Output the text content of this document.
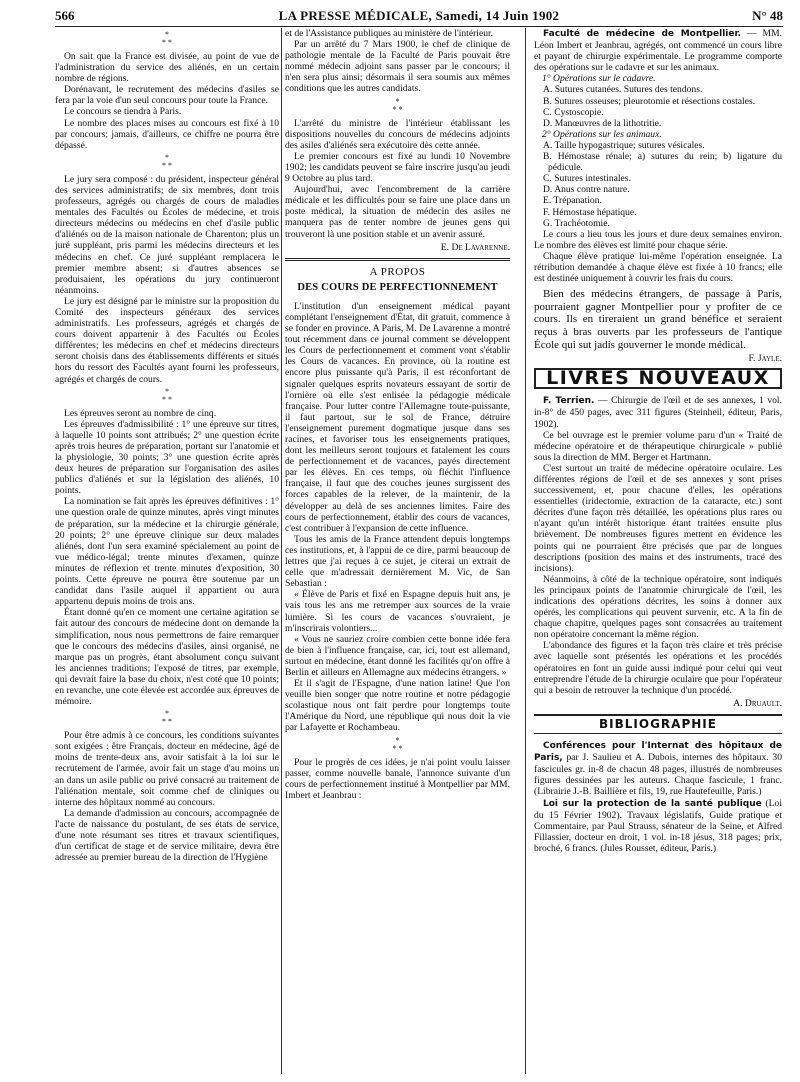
566	LA PRESSE MÉDICALE, Samedi, 14 Juin 1902	N° 48
*
* *

On sait que la France est divisée, au point de vue de l'administration du service des aliénés, en un certain nombre de régions.

Dorénavant, le recrutement des médecins d'asiles se fera par la voie d'un seul concours pour toute la France.

Le concours se tiendra à Paris.

Le nombre des places mises au concours est fixé à 10 par concours; jamais, d'ailleurs, ce chiffre ne pourra être dépassé.

*
* *

Le jury sera composé : du président, inspecteur général des services administratifs; de six membres, dont trois professeurs, agrégés ou chargés de cours de maladies mentales des Facultés ou Écoles de médecine, et trois directeurs médecins ou médecins en chef d'asile public d'aliénés ou de la maison nationale de Charenton; plus un juré suppléant, pris parmi les médecins directeurs et les médecins en chef. Ce juré suppléant remplacera le premier membre absent; si d'autres absences se produisaient, les opérations du jury continueront néanmoins.

Le jury est désigné par le ministre sur la proposition du Comité des inspecteurs généraux des services administratifs. Les professeurs, agrégés et chargés de cours doivent appartenir à des Facultés ou Écoles différentes; les médecins en chef et médecins directeurs seront choisis dans des établissements différents et situés hors du ressort des Facultés ayant fourni les professeurs, agrégés et chargés de cours.

*
* *

Les épreuves seront au nombre de cinq.

Les épreuves d'admissibilité : 1° une épreuve sur titres, à laquelle 10 points sont attribués; 2° une question écrite après trois heures de préparation, portant sur l'anatomie et la physiologie, 30 points; 3° une question écrite après deux heures de préparation sur l'organisation des asiles publics d'aliénés et sur la législation des aliénés, 10 points.

La nomination se fait après les épreuves définitives : 1° une question orale de quinze minutes, après vingt minutes de préparation, sur la médecine et la chirurgie générale, 20 points; 2° une épreuve clinique sur deux malades aliénés, dont l'un sera examiné spécialement au point de vue médico-légal; trente minutes d'examen, quinze minutes de réflexion et trente minutes d'exposition, 30 points. Cette épreuve ne pourra être soutenue par un candidat dans l'asile auquel il appartient ou aura appartenu depuis moins de trois ans.

Étant donné qu'en ce moment une certaine agitation se fait autour des concours de médecine dont on demande la simplification, nous nous permettrons de faire remarquer que le concours des médecins d'asiles, ainsi organisé, ne marque pas un progrès, étant absolument conçu suivant les anciennes traditions; l'exposé de titres, par exemple, qui devrait faire la base du choix, n'est coté que 10 points; en revanche, une cote élevée est accordée aux épreuves de mémoire.

*
* *

Pour être admis à ce concours, les conditions suivantes sont exigées : être Français, docteur en médecine, âgé de moins de trente-deux ans, avoir satisfait à la loi sur le recrutement de l'armée, avoir fait un stage d'au moins un an dans un asile public ou privé consacré au traitement de l'aliénation mentale, soit comme chef de cliniques ou interne des hôpitaux nommé au concours.

La demande d'admission au concours, accompagnée de l'acte de naissance du postulant, de ses états de service, d'une note résumant ses titres et travaux scientifiques, d'un certificat de stage et de service militaire, devra être adressée au premier bureau de la direction de l'Hygiène

et de l'Assistance publiques au ministère de l'intérieur.

Par un arrêté du 7 Mars 1900, le chef de clinique de pathologie mentale de la Faculté de Paris pouvait être nommé médecin adjoint sans passer par le concours; il n'en sera plus ainsi; désormais il sera soumis aux mêmes conditions que les autres candidats.

*
* *

L'arrêté du ministre de l'intérieur établissant les dispositions nouvelles du concours de médecins adjoints des asiles d'aliénés sera exécutoire dès cette année.

Le premier concours est fixé au lundi 10 Novembre 1902; les candidats peuvent se faire inscrire jusqu'au jeudi 9 Octobre au plus tard.

Aujourd'hui, avec l'encombrement de la carrière médicale et les difficultés pour se faire une place dans un poste médical, la situation de médecin des asiles ne manquera pas de tenter nombre de jeunes gens qui trouveront là une position stable et un avenir assuré.

E. De Lavarenne.
A PROPOS
DES COURS DE PERFECTIONNEMENT

L'institution d'un enseignement médical payant complétant l'enseignement d'État, dit gratuit, commence à se fonder en province. A Paris, M. De Lavarenne a montré tout récemment dans ce journal comment se développent les Cours de perfectionnement et comment vont s'établir les Cours de vacances. En province, où la routine est encore plus puissante qu'à Paris, il est réconfortant de signaler quelques esprits novateurs essayant de sortir de l'ornière où elle s'est enlisée la pédagogie médicale française. Pour lutter contre l'Allemagne toute-puissante, il faut partout, sur le sol de France, détruire l'enseignement purement dogmatique jusque dans ses racines, et favoriser tous les enseignements pratiques, dont les meilleurs seront toujours et fatalement les cours de perfectionnement et de vacances, payés directement par les élèves. En ces temps, où fléchit l'influence française, il faut que des couches jeunes surgissent des forces capables de la relever, de la maintenir, de la développer au delà de ses anciennes limites. Faire des cours de perfectionnement, établir des cours de vacances, c'est contribuer à l'expansion de cette influence.

Tous les amis de la France attendent depuis longtemps ces institutions, et, à l'appui de ce dire, parmi beaucoup de lettres que j'ai reçues à ce sujet, je citerai un extrait de celle que m'adressait dernièrement M. Vic, de San Sebastian :

« Élève de Paris et fixé en Espagne depuis huit ans, je vais tous les ans me retremper aux sources de la vraie lumière. Si les cours de vacances s'ouvraient, je m'inscrirais volontiers...

« Vous ne sauriez croire combien cette bonne idée fera de bien à l'influence française, car, ici, tout est allemand, surtout en médecine, étant donné les facilités qu'on offre à Berlin et ailleurs en Allemagne aux médecins étrangers. »

Et il s'agit de l'Espagne, d'une nation latine! Que l'on veuille bien songer que notre routine et notre pédagogie scolastique nous ont fait perdre pour longtemps toute l'Amérique du Nord, une république qui nous doit la vie par Lafayette et Rochambeau.

*
* *

Pour le progrès de ces idées, je n'ai point voulu laisser passer, comme nouvelle banale, l'annonce suivante d'un cours de perfectionnement institué à Montpellier par MM. Imbert et Jeanbrau :

Faculté de médecine de Montpellier. — MM. Léon Imbert et Jeanbrau, agrégés, ont commencé un cours libre et payant de chirurgie expérimentale. Le programme comporte des opérations sur le cadavre et sur les animaux.

1° Opérations sur le cadavre.

A. Sutures cutanées. Sutures des tendons.

B. Sutures osseuses; pleurotomie et résections costales.

C. Cystoscopie.

D. Manœuvres de la lithotritie.

2° Opérations sur les animaux.

A. Taille hypogastrique; sutures vésicales.

B. Hémostase rénale; a) sutures du rein; b) ligature du pédicule.

C. Sutures intestinales.

D. Anus contre nature.

E. Trépanation.

F. Hémostase hépatique.

G. Trachéotomie.

Le cours a lieu tous les jours et dure deux semaines environ. Le nombre des élèves est limité pour chaque série.

Chaque élève pratique lui-même l'opération enseignée. La rétribution demandée à chaque élève est fixée à 10 francs; elle est destinée uniquement à couvrir les frais du cours.

Bien des médecins étrangers, de passage à Paris, pourraient gagner Montpellier pour y profiter de ce cours. Ils en tireraient un grand bénéfice et seraient reçus à bras ouverts par les professeurs de l'antique École qui sut jadis gouverner le monde médical.

F. Jayle.
LIVRES NOUVEAUX

F. Terrien. — Chirurgie de l'œil et de ses annexes, 1 vol. in-8° de 450 pages, avec 311 figures (Steinheil, éditeur, Paris, 1902).

Ce bel ouvrage est le premier volume paru d'un « Traité de médecine opératoire et de thérapeutique chirurgicale » publié sous la direction de MM. Berger et Hartmann.

C'est surtout un traité de médecine opératoire oculaire. Les différentes régions de l'œil et de ses annexes y sont prises successivement, et, pour chacune d'elles, les opérations essentielles (iridectomie, extraction de la cataracte, etc.) sont décrites d'une façon très détaillée, les opérations plus rares ou n'ayant qu'un intérêt historique étant traitées ensuite plus brièvement. De nombreuses figures mettent en évidence les points qui ne pourraient être précisés que par de longues descriptions (position des mains et des instruments, tracé des incisions).

Néanmoins, à côté de la technique opératoire, sont indiqués les principaux points de l'anatomie chirurgicale de l'œil, les indications des opérations décrites, les soins à donner aux opérés, les complications qui peuvent survenir, etc. A la fin de chaque chapitre, quelques pages sont consacrées au traitement non opératoire concernant la même région.

L'abondance des figures et la façon très claire et très précise avec laquelle sont présentés les opérations et les procédés opératoires en font un guide aussi indiqué pour celui qui veut entreprendre l'étude de la chirurgie oculaire que pour l'opérateur qui a besoin de retrouver la technique d'un procédé.

A. Druault.
BIBLIOGRAPHIE

Conférences pour l'Internat des hôpitaux de Paris, par J. Saulieu et A. Dubois, internes des hôpitaux. 30 fascicules gr. in-8 de chacun 48 pages, illustrés de nombreuses figures dessinées par les auteurs. Chaque fascicule, 1 franc. (Librairie J.-B. Baillière et fils, 19, rue Hautefeuille, Paris.)

Loi sur la protection de la santé publique (Loi du 15 Février 1902). Travaux législatifs, Guide pratique et Commentaire, par Paul Strauss, sénateur de la Seine, et Alfred Fillassier, docteur en droit, 1 vol. in-18 jésus, 318 pages; prix, broché, 6 francs. (Jules Rousset, éditeur, Paris.)
